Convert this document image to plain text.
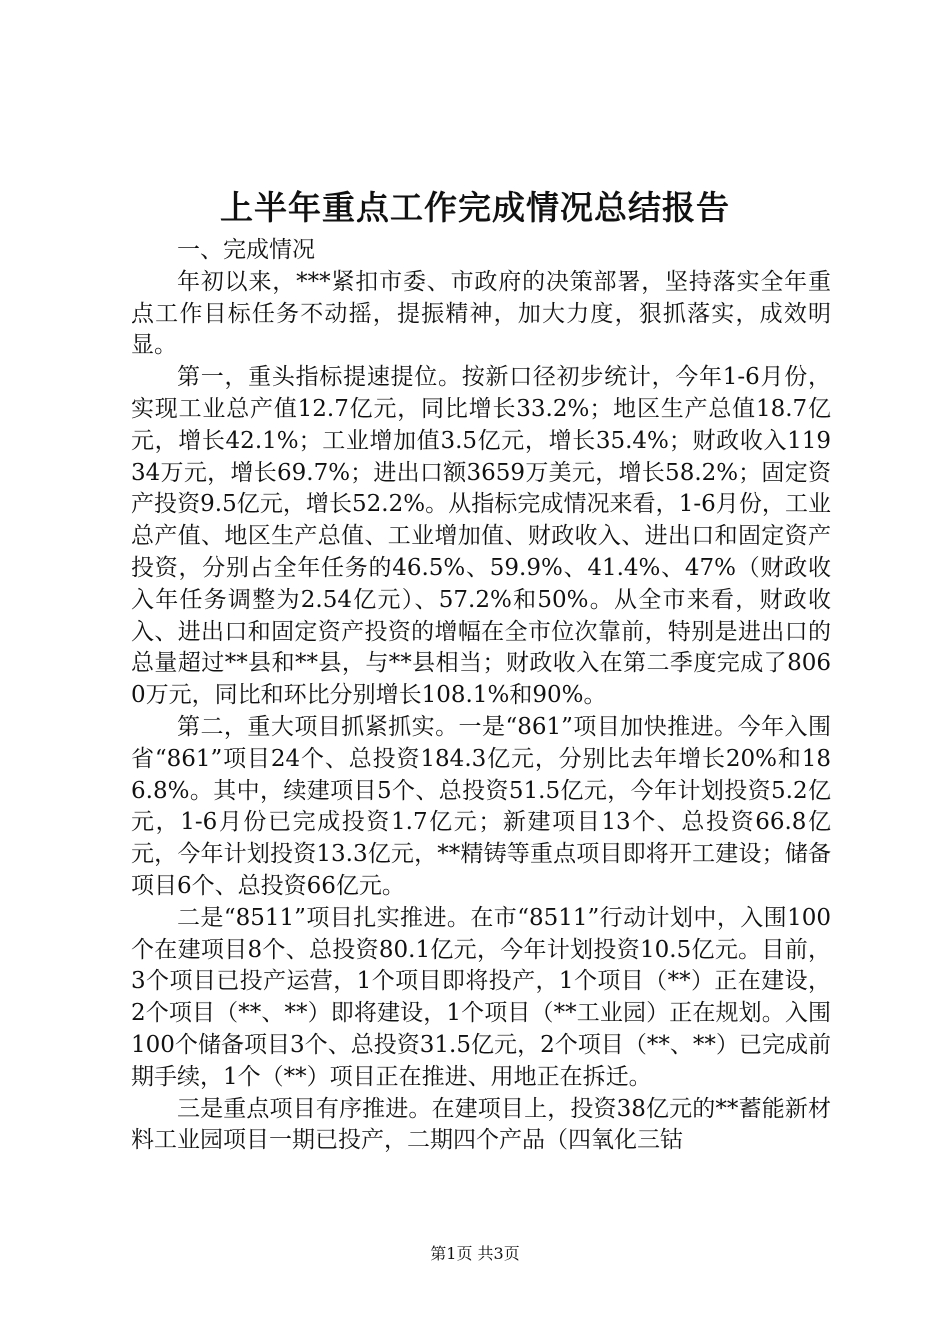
上半年重点工作完成情况总结报告

一、完成情况

年初以来，***紧扣市委、市政府的决策部署，坚持落实全年重点工作目标任务不动摇，提振精神，加大力度，狠抓落实，成效明显。

第一，重头指标提速提位。按新口径初步统计，今年1-6月份，实现工业总产值12.7亿元，同比增长33.2%；地区生产总值18.7亿元，增长42.1%；工业增加值3.5亿元，增长35.4%；财政收入11934万元，增长69.7%；进出口额3659万美元，增长58.2%；固定资产投资9.5亿元，增长52.2%。从指标完成情况来看，1-6月份，工业总产值、地区生产总值、工业增加值、财政收入、进出口和固定资产投资，分别占全年任务的46.5%、59.9%、41.4%、47%（财政收入年任务调整为2.54亿元）、57.2%和50%。从全市来看，财政收入、进出口和固定资产投资的增幅在全市位次靠前，特别是进出口的总量超过**县和**县，与**县相当；财政收入在第二季度完成了8060万元，同比和环比分别增长108.1%和90%。

第二，重大项目抓紧抓实。一是“861”项目加快推进。今年入围省“861”项目24个、总投资184.3亿元，分别比去年增长20%和186.8%。其中，续建项目5个、总投资51.5亿元，今年计划投资5.2亿元，1-6月份已完成投资1.7亿元；新建项目13个、总投资66.8亿元，今年计划投资13.3亿元，**精铸等重点项目即将开工建设；储备项目6个、总投资66亿元。

二是“8511”项目扎实推进。在市“8511”行动计划中，入围100个在建项目8个、总投资80.1亿元，今年计划投资10.5亿元。目前，3个项目已投产运营，1个项目即将投产，1个项目（**）正在建设，2个项目（**、**）即将建设，1个项目（**工业园）正在规划。入围100个储备项目3个、总投资31.5亿元，2个项目（**、**）已完成前期手续，1个（**）项目正在推进、用地正在拆迁。

三是重点项目有序推进。在建项目上，投资38亿元的**蓄能新材料工业园项目一期已投产，二期四个产品（四氧化三钴

第1页 共3页
